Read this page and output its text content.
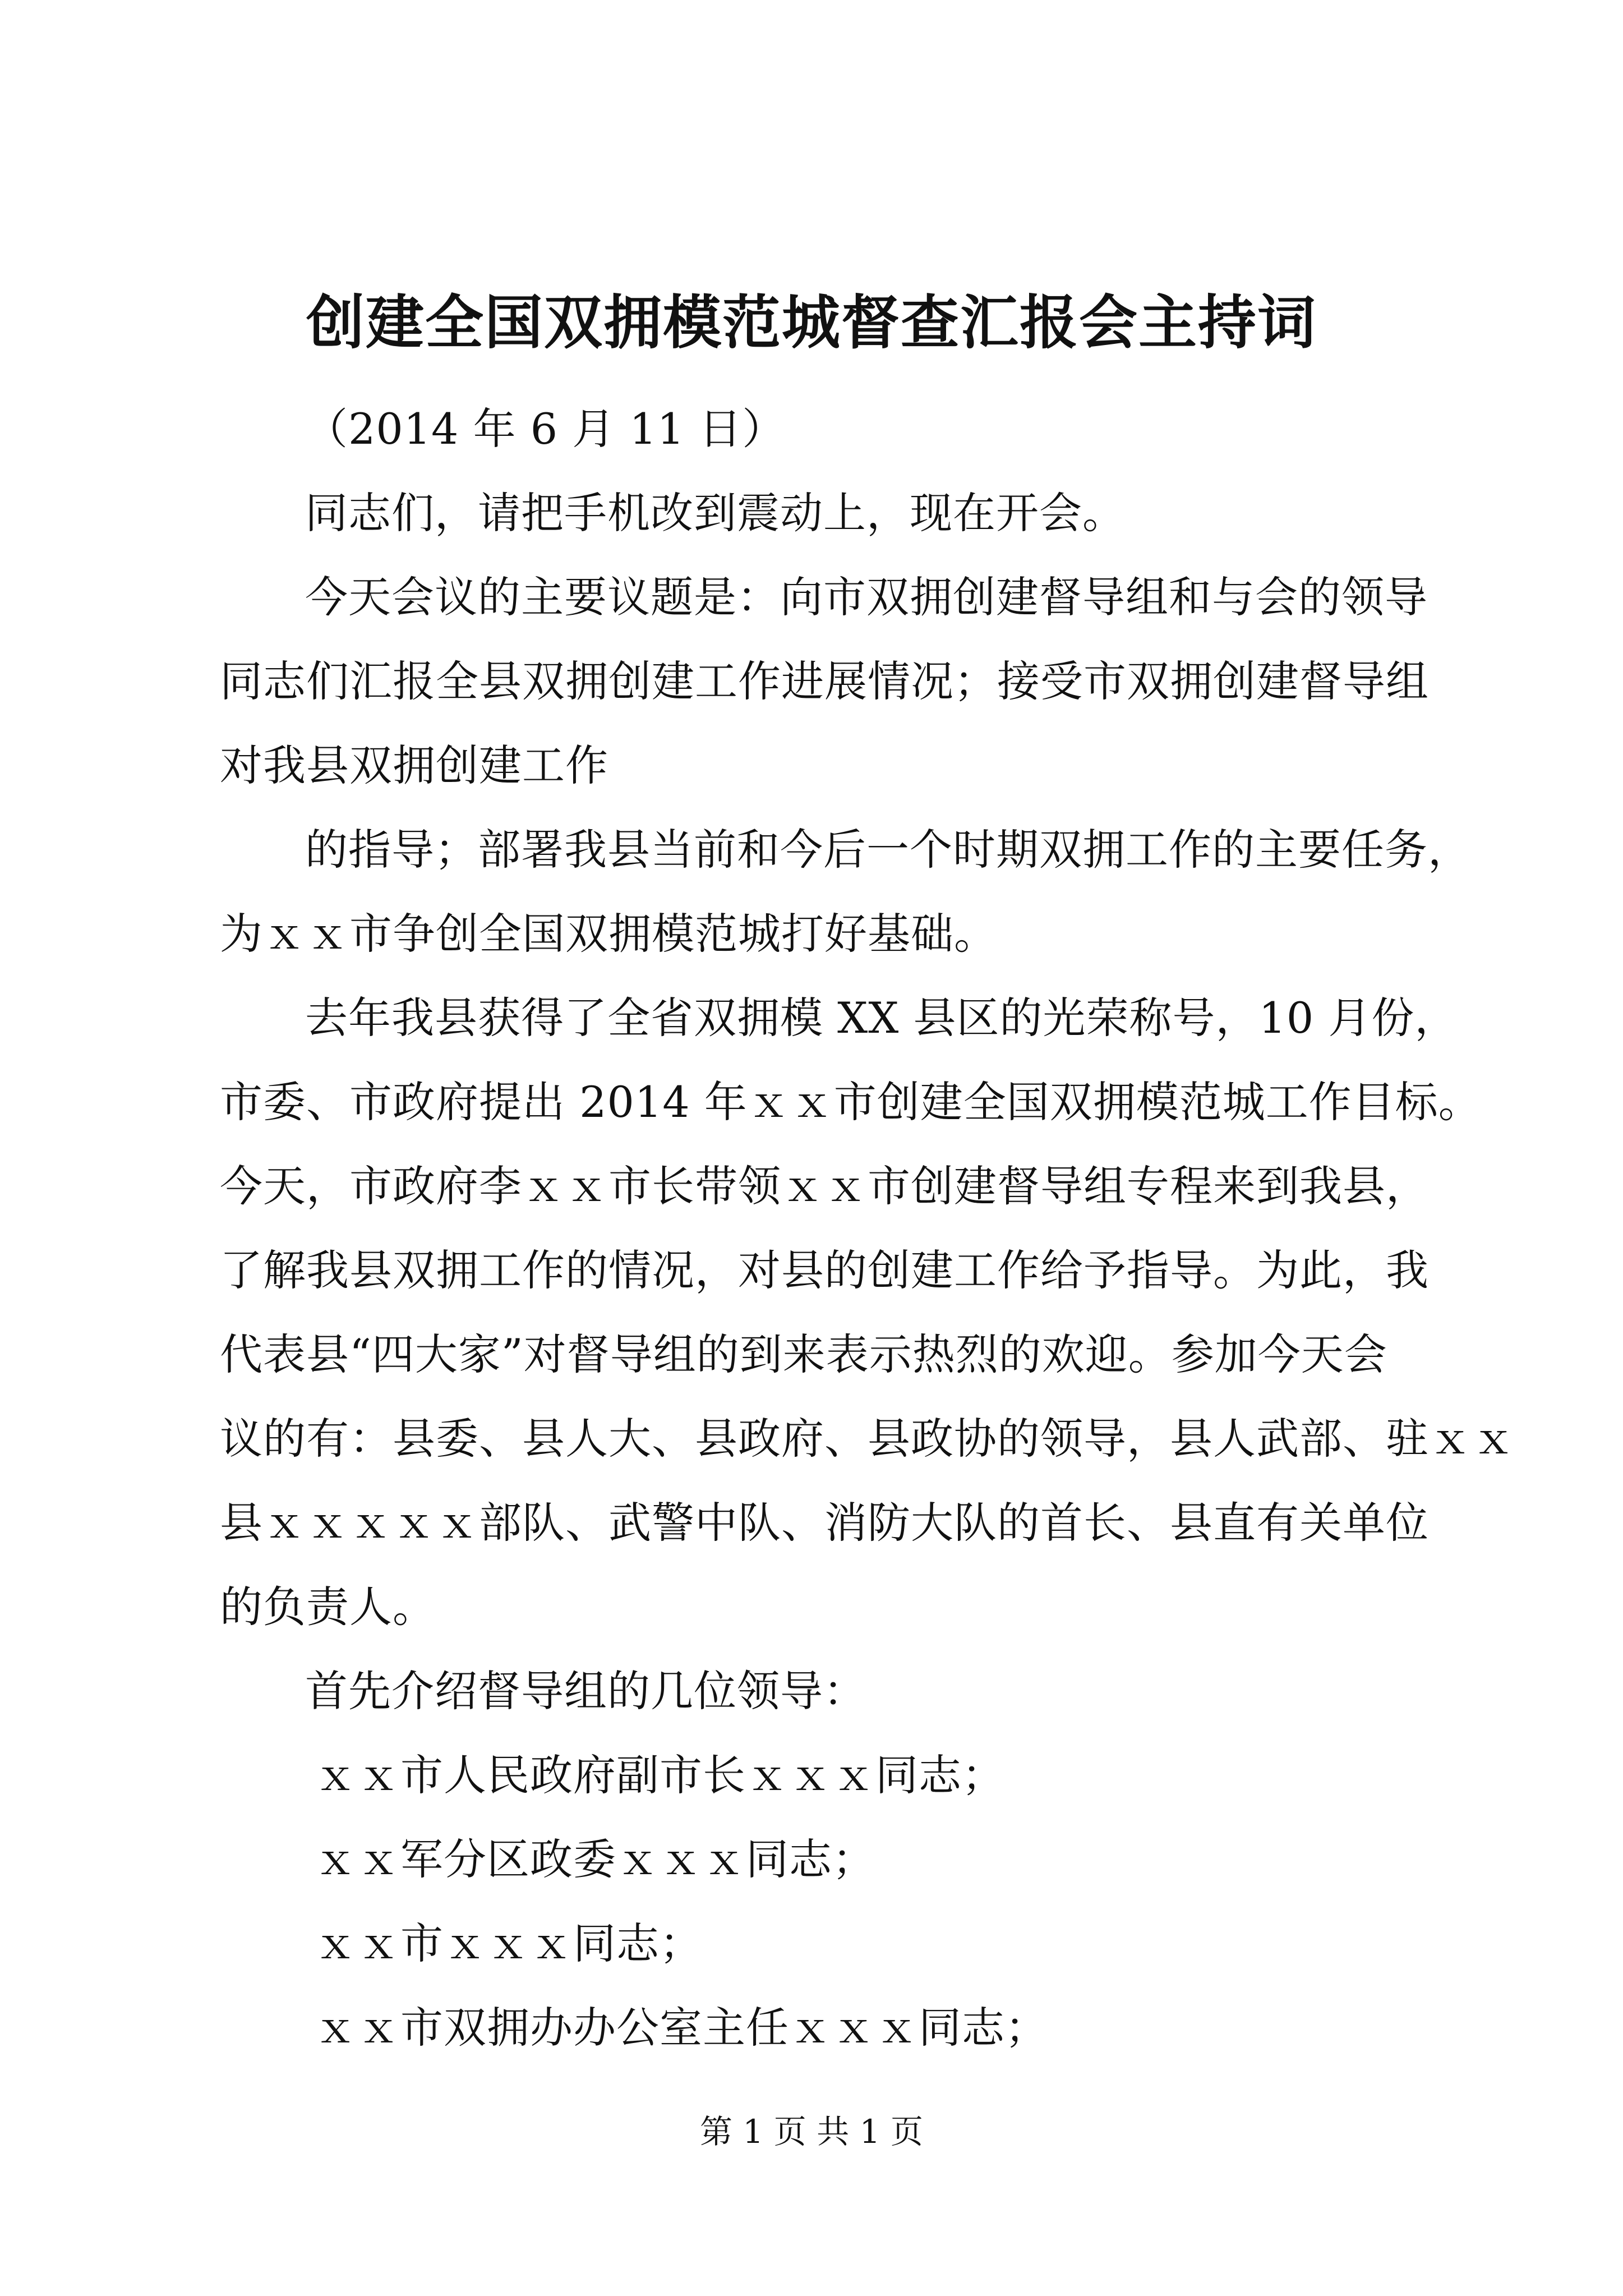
创建全国双拥模范城督查汇报会主持词

（2014 年 6 月 11 日）

同志们，请把手机改到震动上，现在开会。

今天会议的主要议题是：向市双拥创建督导组和与会的领导
同志们汇报全县双拥创建工作进展情况；接受市双拥创建督导组
对我县双拥创建工作

的指导；部署我县当前和今后一个时期双拥工作的主要任务，
为ｘｘ市争创全国双拥模范城打好基础。

去年我县获得了全省双拥模 XX 县区的光荣称号，10 月份，
市委、市政府提出 2014 年ｘｘ市创建全国双拥模范城工作目标。
今天，市政府李ｘｘ市长带领ｘｘ市创建督导组专程来到我县，
了解我县双拥工作的情况，对县的创建工作给予指导。为此，我
代表县“四大家”对督导组的到来表示热烈的欢迎。参加今天会
议的有：县委、县人大、县政府、县政协的领导，县人武部、驻ｘｘ
县ｘｘｘｘｘ部队、武警中队、消防大队的首长、县直有关单位
的负责人。

首先介绍督导组的几位领导：

ｘｘ市人民政府副市长ｘｘｘ同志；

ｘｘ军分区政委ｘｘｘ同志；

ｘｘ市ｘｘｘ同志；

ｘｘ市双拥办办公室主任ｘｘｘ同志；

第 1 页 共 1 页
